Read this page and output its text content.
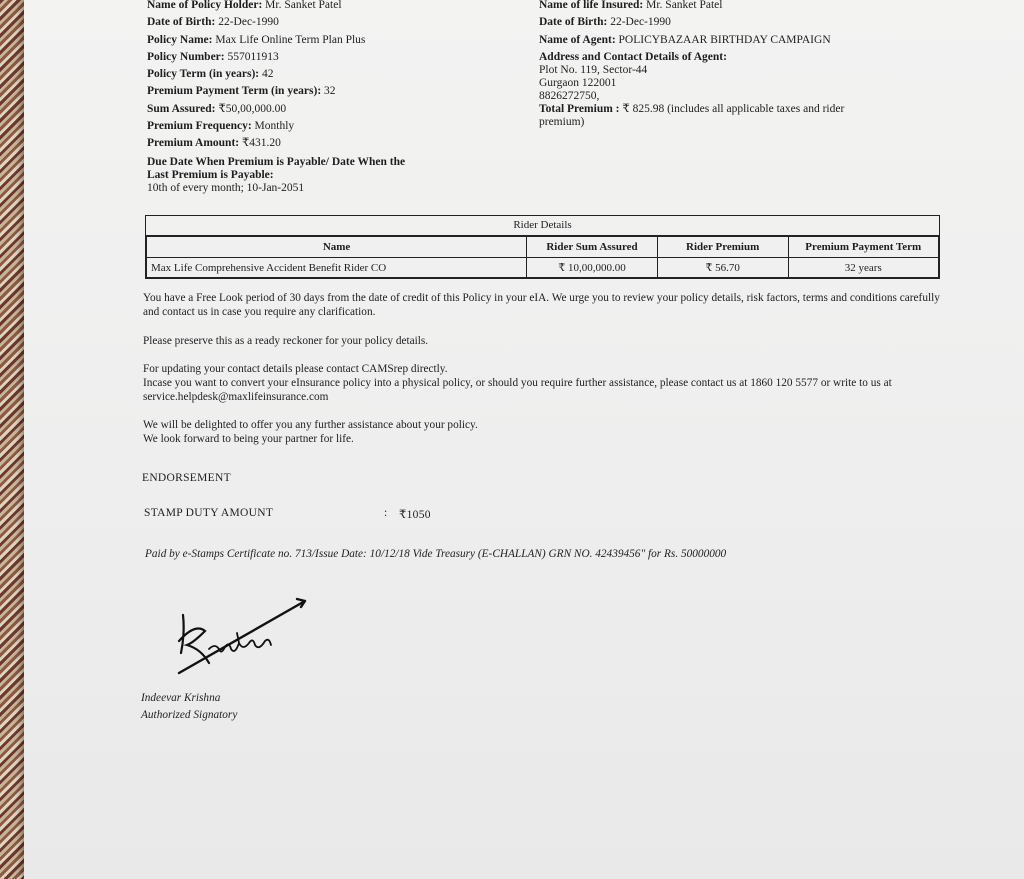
Name of Policy Holder: Mr. Sanket Patel
Date of Birth: 22-Dec-1990
Policy Name: Max Life Online Term Plan Plus
Policy Number: 557011913
Policy Term (in years): 42
Premium Payment Term (in years): 32
Sum Assured: ₹50,00,000.00
Premium Frequency: Monthly
Premium Amount: ₹431.20
Due Date When Premium is Payable/ Date When the Last Premium is Payable:
10th of every month; 10-Jan-2051
Name of life Insured: Mr. Sanket Patel
Date of Birth: 22-Dec-1990
Name of Agent: POLICYBAZAAR BIRTHDAY CAMPAIGN
Address and Contact Details of Agent:
Plot No. 119, Sector-44
Gurgaon 122001
8826272750,
Total Premium : ₹ 825.98 (includes all applicable taxes and rider premium)
Rider Details
Name	Rider Sum Assured	Rider Premium	Premium Payment Term
Max Life Comprehensive Accident Benefit Rider CO	₹ 10,00,000.00	₹ 56.70	32 years
You have a Free Look period of 30 days from the date of credit of this Policy in your eIA. We urge you to review your policy details, risk factors, terms and conditions carefully and contact us in case you require any clarification.
Please preserve this as a ready reckoner for your policy details.
For updating your contact details please contact CAMSrep directly.
Incase you want to convert your eInsurance policy into a physical policy, or should you require further assistance, please contact us at 1860 120 5577 or write to us at service.helpdesk@maxlifeinsurance.com
We will be delighted to offer you any further assistance about your policy.
We look forward to being your partner for life.
ENDORSEMENT
STAMP DUTY AMOUNT	: ₹1050
Paid by e-Stamps Certificate no. 713/Issue Date: 10/12/18 Vide Treasury (E-CHALLAN) GRN NO. 42439456" for Rs. 50000000
Indeevar Krishna
Authorized Signatory
